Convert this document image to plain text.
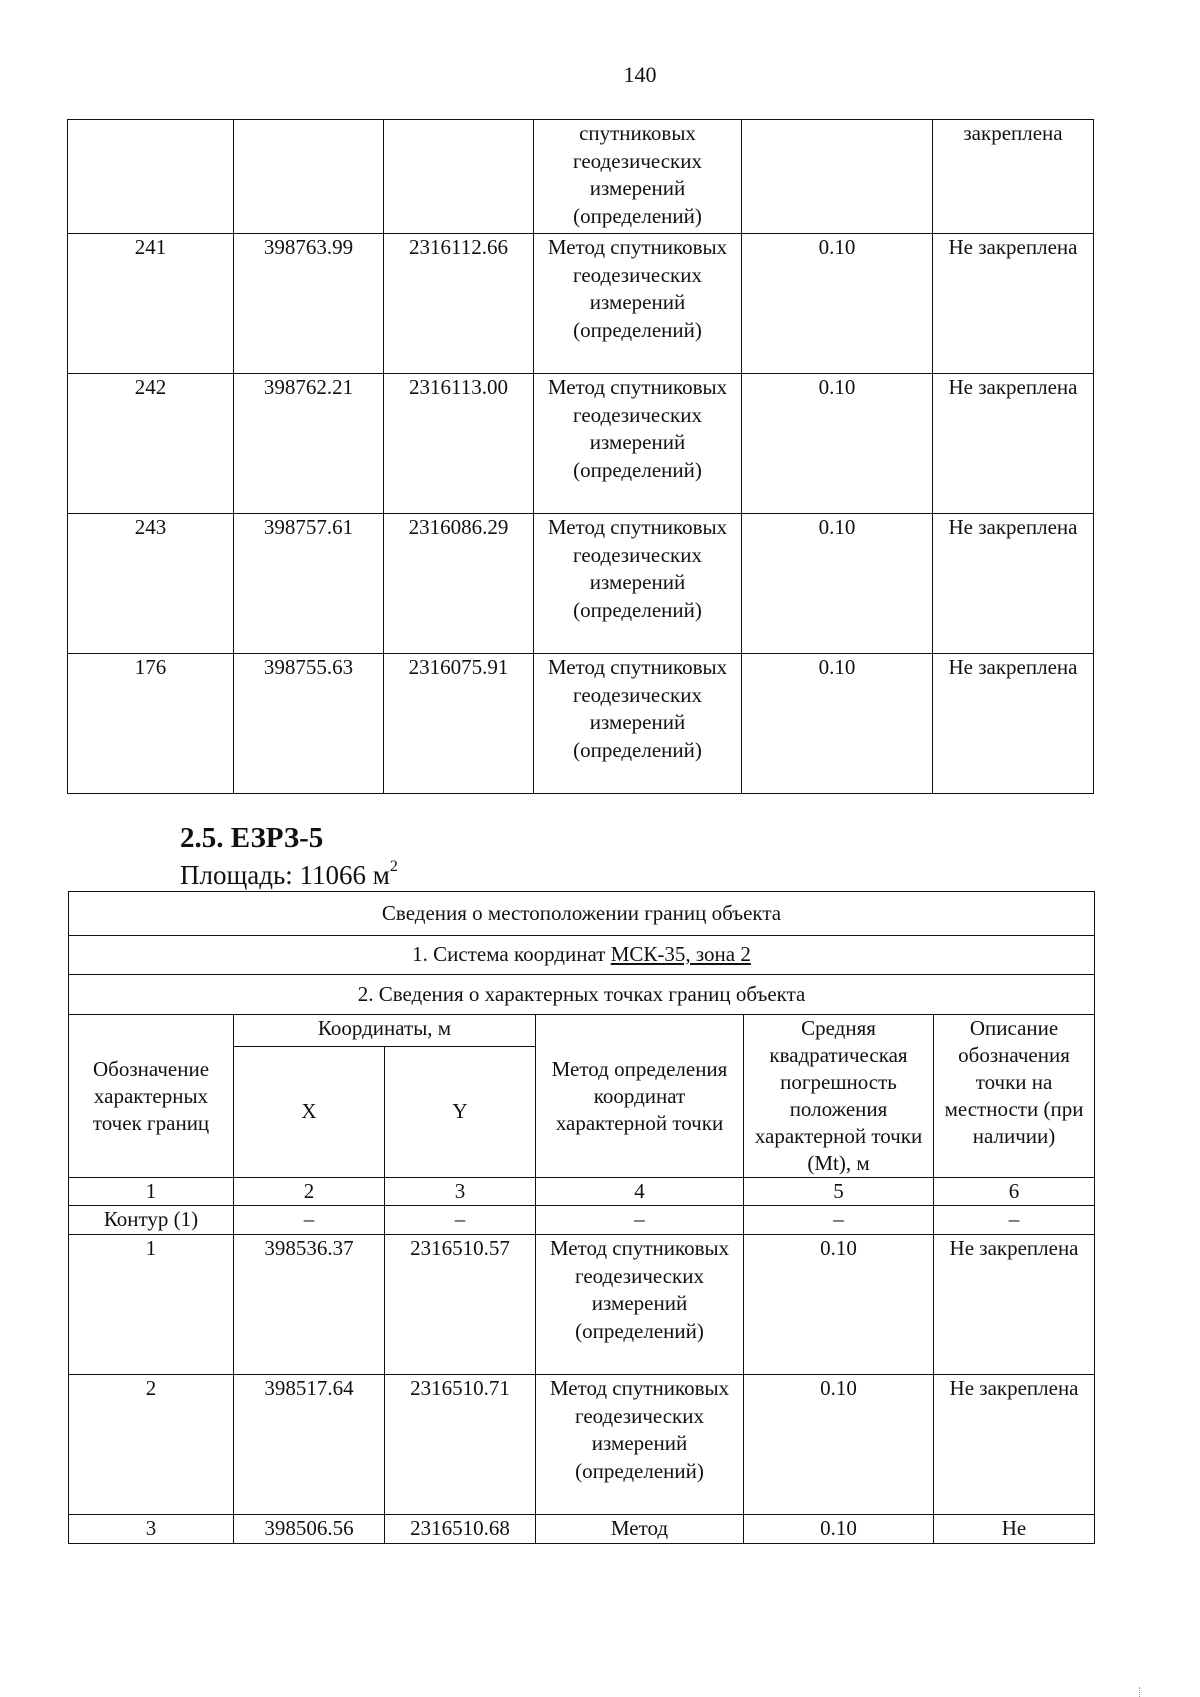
140
			спутниковых геодезических измерений (определений)		закреплена
241	398763.99	2316112.66	Метод спутниковых геодезических измерений (определений)	0.10	Не закреплена
242	398762.21	2316113.00	Метод спутниковых геодезических измерений (определений)	0.10	Не закреплена
243	398757.61	2316086.29	Метод спутниковых геодезических измерений (определений)	0.10	Не закреплена
176	398755.63	2316075.91	Метод спутниковых геодезических измерений (определений)	0.10	Не закреплена
2.5. ЕЗРЗ-5
Площадь: 11066 $м^2$
Сведения о местоположении границ объекта					
1. Система координат МСК-35, зона 2					
2. Сведения о характерных точках границ объекта					
Обозначение характерных точек границ	Координаты, м		Метод определения координат характерной точки	Средняя квадратическая погрешность положения характерной точки (Mt), м	Описание обозначения точки на местности (при наличии)
	X	Y			
1	2	3	4	5	6
Контур (1)	–	–	–	–	–
1	398536.37	2316510.57	Метод спутниковых геодезических измерений (определений)	0.10	Не закреплена
2	398517.64	2316510.71	Метод спутниковых геодезических измерений (определений)	0.10	Не закреплена
3	398506.56	2316510.68	Метод	0.10	Не
